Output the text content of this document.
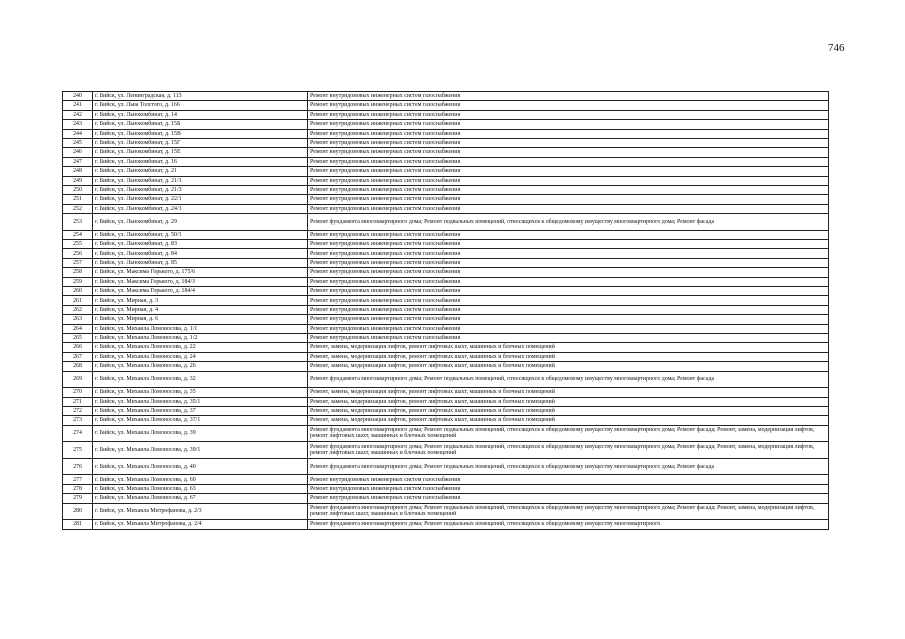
746
240	г. Бийск, ул. Ленинградская, д. 113	Ремонт внутридомовых инженерных систем газоснабжения
241	г. Бийск, ул. Льва Толстого, д. 166	Ремонт внутридомовых инженерных систем газоснабжения
242	г. Бийск, ул. Льнокомбинат, д. 14	Ремонт внутридомовых инженерных систем газоснабжения
243	г. Бийск, ул. Льнокомбинат, д. 15Б	Ремонт внутридомовых инженерных систем газоснабжения
244	г. Бийск, ул. Льнокомбинат, д. 15В	Ремонт внутридомовых инженерных систем газоснабжения
245	г. Бийск, ул. Льнокомбинат, д. 15Г	Ремонт внутридомовых инженерных систем газоснабжения
246	г. Бийск, ул. Льнокомбинат, д. 15Е	Ремонт внутридомовых инженерных систем газоснабжения
247	г. Бийск, ул. Льнокомбинат, д. 16	Ремонт внутридомовых инженерных систем газоснабжения
248	г. Бийск, ул. Льнокомбинат, д. 21	Ремонт внутридомовых инженерных систем газоснабжения
249	г. Бийск, ул. Льнокомбинат, д. 21/1	Ремонт внутридомовых инженерных систем газоснабжения
250	г. Бийск, ул. Льнокомбинат, д. 21/3	Ремонт внутридомовых инженерных систем газоснабжения
251	г. Бийск, ул. Льнокомбинат, д. 22/1	Ремонт внутридомовых инженерных систем газоснабжения
252	г. Бийск, ул. Льнокомбинат, д. 24/1	Ремонт внутридомовых инженерных систем газоснабжения
253	г. Бийск, ул. Льнокомбинат, д. 29	Ремонт фундамента многоквартирного дома; Ремонт подвальных помещений, относящихся к общедомовому имуществу многоквартирного дома; Ремонт фасада
254	г. Бийск, ул. Льнокомбинат, д. 50/1	Ремонт внутридомовых инженерных систем газоснабжения
255	г. Бийск, ул. Льнокомбинат, д. 83	Ремонт внутридомовых инженерных систем газоснабжения
256	г. Бийск, ул. Льнокомбинат, д. 84	Ремонт внутридомовых инженерных систем газоснабжения
257	г. Бийск, ул. Льнокомбинат, д. 85	Ремонт внутридомовых инженерных систем газоснабжения
258	г. Бийск, ул. Максима Горького, д. 175/6	Ремонт внутридомовых инженерных систем газоснабжения
259	г. Бийск, ул. Максима Горького, д. 184/3	Ремонт внутридомовых инженерных систем газоснабжения
260	г. Бийск, ул. Максима Горького, д. 184/4	Ремонт внутридомовых инженерных систем газоснабжения
261	г. Бийск, ул. Мирная, д. 3	Ремонт внутридомовых инженерных систем газоснабжения
262	г. Бийск, ул. Мирная, д. 4	Ремонт внутридомовых инженерных систем газоснабжения
263	г. Бийск, ул. Мирная, д. 6	Ремонт внутридомовых инженерных систем газоснабжения
264	г. Бийск, ул. Михаила Ломоносова, д. 1/1	Ремонт внутридомовых инженерных систем газоснабжения
265	г. Бийск, ул. Михаила Ломоносова, д. 1/2	Ремонт внутридомовых инженерных систем газоснабжения
266	г. Бийск, ул. Михаила Ломоносова, д. 22	Ремонт, замена, модернизация лифтов, ремонт лифтовых шахт, машинных и блочных помещений
267	г. Бийск, ул. Михаила Ломоносова, д. 24	Ремонт, замена, модернизация лифтов, ремонт лифтовых шахт, машинных и блочных помещений
268	г. Бийск, ул. Михаила Ломоносова, д. 26	Ремонт, замена, модернизация лифтов, ремонт лифтовых шахт, машинных и блочных помещений
269	г. Бийск, ул. Михаила Ломоносова, д. 32	Ремонт фундамента многоквартирного дома; Ремонт подвальных помещений, относящихся к общедомовому имуществу многоквартирного дома; Ремонт фасада
270	г. Бийск, ул. Михаила Ломоносова, д. 35	Ремонт, замена, модернизация лифтов, ремонт лифтовых шахт, машинных и блочных помещений
271	г. Бийск, ул. Михаила Ломоносова, д. 35/1	Ремонт, замена, модернизация лифтов, ремонт лифтовых шахт, машинных и блочных помещений
272	г. Бийск, ул. Михаила Ломоносова, д. 37	Ремонт, замена, модернизация лифтов, ремонт лифтовых шахт, машинных и блочных помещений
273	г. Бийск, ул. Михаила Ломоносова, д. 37/1	Ремонт, замена, модернизация лифтов, ремонт лифтовых шахт, машинных и блочных помещений
274	г. Бийск, ул. Михаила Ломоносова, д. 39	Ремонт фундамента многоквартирного дома; Ремонт подвальных помещений, относящихся к общедомовому имуществу многоквартирного дома; Ремонт фасада; Ремонт, замена, модернизация лифтов, ремонт лифтовых шахт, машинных и блочных помещений
275	г. Бийск, ул. Михаила Ломоносова, д. 39/1	Ремонт фундамента многоквартирного дома; Ремонт подвальных помещений, относящихся к общедомовому имуществу многоквартирного дома; Ремонт фасада; Ремонт, замена, модернизация лифтов, ремонт лифтовых шахт, машинных и блочных помещений
276	г. Бийск, ул. Михаила Ломоносова, д. 40	Ремонт фундамента многоквартирного дома; Ремонт подвальных помещений, относящихся к общедомовому имуществу многоквартирного дома; Ремонт фасада
277	г. Бийск, ул. Михаила Ломоносова, д. 60	Ремонт внутридомовых инженерных систем газоснабжения
278	г. Бийск, ул. Михаила Ломоносова, д. 63	Ремонт внутридомовых инженерных систем газоснабжения
279	г. Бийск, ул. Михаила Ломоносова, д. 67	Ремонт внутридомовых инженерных систем газоснабжения
280	г. Бийск, ул. Михаила Митрофанова, д. 2/3	Ремонт фундамента многоквартирного дома; Ремонт подвальных помещений, относящихся к общедомовому имуществу многоквартирного дома; Ремонт фасада; Ремонт, замена, модернизация лифтов, ремонт лифтовых шахт, машинных и блочных помещений
281	г. Бийск, ул. Михаила Митрофанова, д. 2/4	Ремонт фундамента многоквартирного дома; Ремонт подвальных помещений, относящихся к общедомовому имуществу многоквартирного
